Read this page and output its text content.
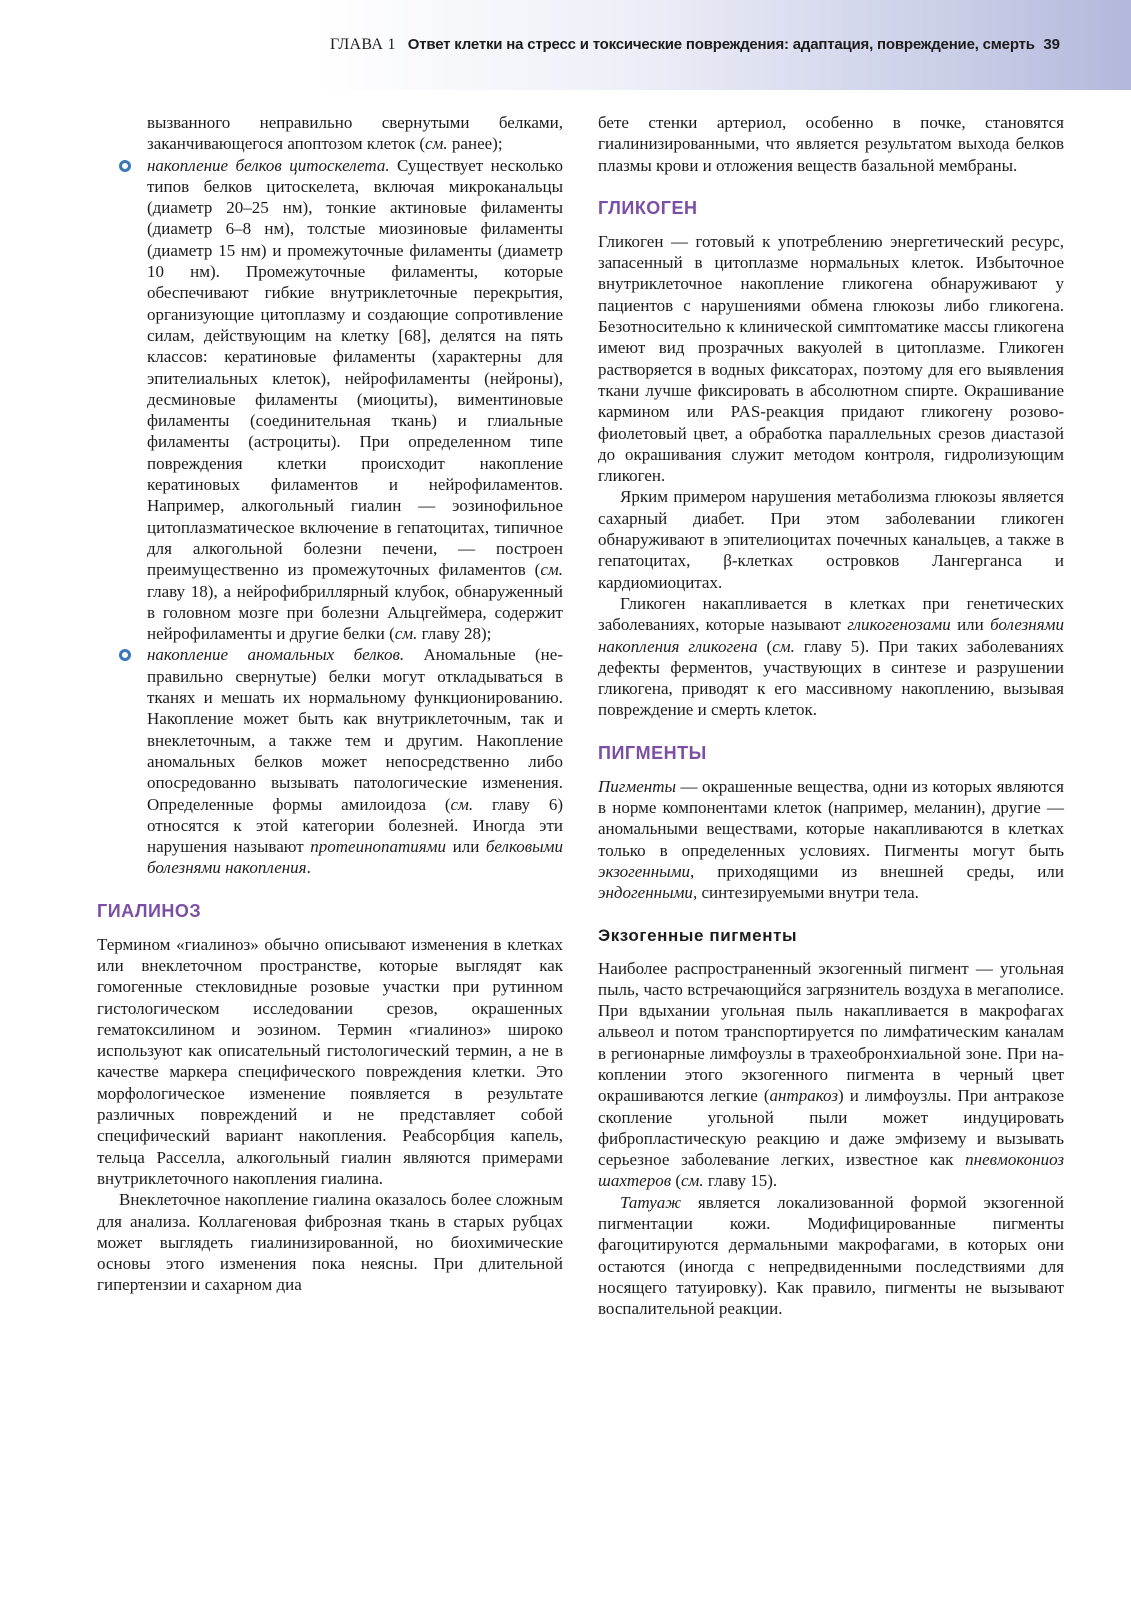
ГЛАВА 1 Ответ клетки на стресс и токсические повреждения: адаптация, повреждение, смерть 39

вызванного неправильно свернутыми белками, заканчивающегося апоптозом клеток (см. ранее);

накопление белков цитоскелета. Существует несколько типов белков цитоскелета, включая микроканальцы (диаметр 20–25 нм), тонкие актиновые филаменты (диаметр 6–8 нм), толстые миозиновые филаменты (диаметр 15 нм) и промежуточные филаменты (диаметр 10 нм). Промежуточные филаменты, которые обеспечивают гибкие внутриклеточные перекрытия, организующие цитоплазму и создающие сопротивление силам, действующим на клетку [68], делятся на пять классов: кератиновые филаменты (характерны для эпителиальных клеток), нейрофиламенты (нейроны), десминовые филаменты (миоциты), виментиновые филаменты (соединительная ткань) и глиальные филаменты (астроциты). При определенном типе повреждения клетки происходит накопление кератиновых филаментов и нейрофиламентов. Например, алкогольный гиалин — эозинофильное цитоплазматическое включение в гепатоцитах, типичное для алкогольной болезни печени, — построен преимущественно из промежуточных филаментов (см. главу 18), а нейрофибриллярный клубок, обнаруженный в головном мозге при болезни Альцгеймера, содержит нейрофиламенты и другие белки (см. главу 28);

накопление аномальных белков. Аномальные (неправильно свернутые) белки могут откладываться в тканях и мешать их нормальному функционированию. Накопление может быть как внутриклеточным, так и внеклеточным, а также тем и другим. Накопление аномальных белков может непосредственно либо опосредованно вызывать патологические изменения. Определенные формы амилоидоза (см. главу 6) относятся к этой категории болезней. Иногда эти нарушения называют протеинопатиями или белковыми болезнями накопления.

ГИАЛИНОЗ

Термином «гиалиноз» обычно описывают изменения в клетках или внеклеточном пространстве, которые выглядят как гомогенные стекловидные розовые участки при рутинном гистологическом исследовании срезов, окрашенных гематоксилином и эозином. Термин «гиалиноз» широко используют как описательный гистологический термин, а не в качестве маркера специфического повреждения клетки. Это морфологическое изменение появляется в результате различных повреждений и не представляет собой специфический вариант накопления. Реабсорбция капель, тельца Расселла, алкогольный гиалин являются примерами внутриклеточного накопления гиалина.

Внеклеточное накопление гиалина оказалось более сложным для анализа. Коллагеновая фиброзная ткань в старых рубцах может выглядеть гиалинизированной, но биохимические основы этого изменения пока неясны. При длительной гипертензии и сахарном диа

бете стенки артериол, особенно в почке, становятся гиалинизированными, что является результатом выхода белков плазмы крови и отложения веществ базальной мембраны.

ГЛИКОГЕН

Гликоген — готовый к употреблению энергетический ресурс, запасенный в цитоплазме нормальных клеток. Избыточное внутриклеточное накопление гликогена обнаруживают у пациентов с нарушениями обмена глюкозы либо гликогена. Безотносительно к клинической симптоматике массы гликогена имеют вид прозрачных вакуолей в цитоплазме. Гликоген растворяется в водных фиксаторах, поэтому для его выявления ткани лучше фиксировать в абсолютном спирте. Окрашивание кармином или PAS-реакция придают гликогену розово-фиолетовый цвет, а обработка параллельных срезов диастазой до окрашивания служит методом контроля, гидролизующим гликоген.

Ярким примером нарушения метаболизма глюкозы является сахарный диабет. При этом заболевании гликоген обнаруживают в эпителиоцитах почечных канальцев, а также в гепатоцитах, β-клетках островков Лангерганса и кардиомиоцитах.

Гликоген накапливается в клетках при генетических заболеваниях, которые называют гликогенозами или болезнями накопления гликогена (см. главу 5). При таких заболеваниях дефекты ферментов, участвующих в синтезе и разрушении гликогена, приводят к его массивному накоплению, вызывая повреждение и смерть клеток.

ПИГМЕНТЫ

Пигменты — окрашенные вещества, одни из которых являются в норме компонентами клеток (например, меланин), другие — аномальными веществами, которые накапливаются в клетках только в определенных условиях. Пигменты могут быть экзогенными, приходящими из внешней среды, или эндогенными, синтезируемыми внутри тела.

Экзогенные пигменты

Наиболее распространенный экзогенный пигмент — угольная пыль, часто встречающийся загрязнитель воздуха в мегаполисе. При вдыхании угольная пыль накапливается в макрофагах альвеол и потом транспортируется по лимфатическим каналам в регионарные лимфоузлы в трахеобронхиальной зоне. При накоплении этого экзогенного пигмента в черный цвет окрашиваются легкие (антракоз) и лимфоузлы. При антракозе скопление угольной пыли может индуцировать фибропластическую реакцию и даже эмфизему и вызывать серьезное заболевание легких, известное как пневмокониоз шахтеров (см. главу 15).

Татуаж является локализованной формой экзогенной пигментации кожи. Модифицированные пигменты фагоцитируются дермальными макрофагами, в которых они остаются (иногда с непредвиденными последствиями для носящего татуировку). Как правило, пигменты не вызывают воспалительной реакции.
